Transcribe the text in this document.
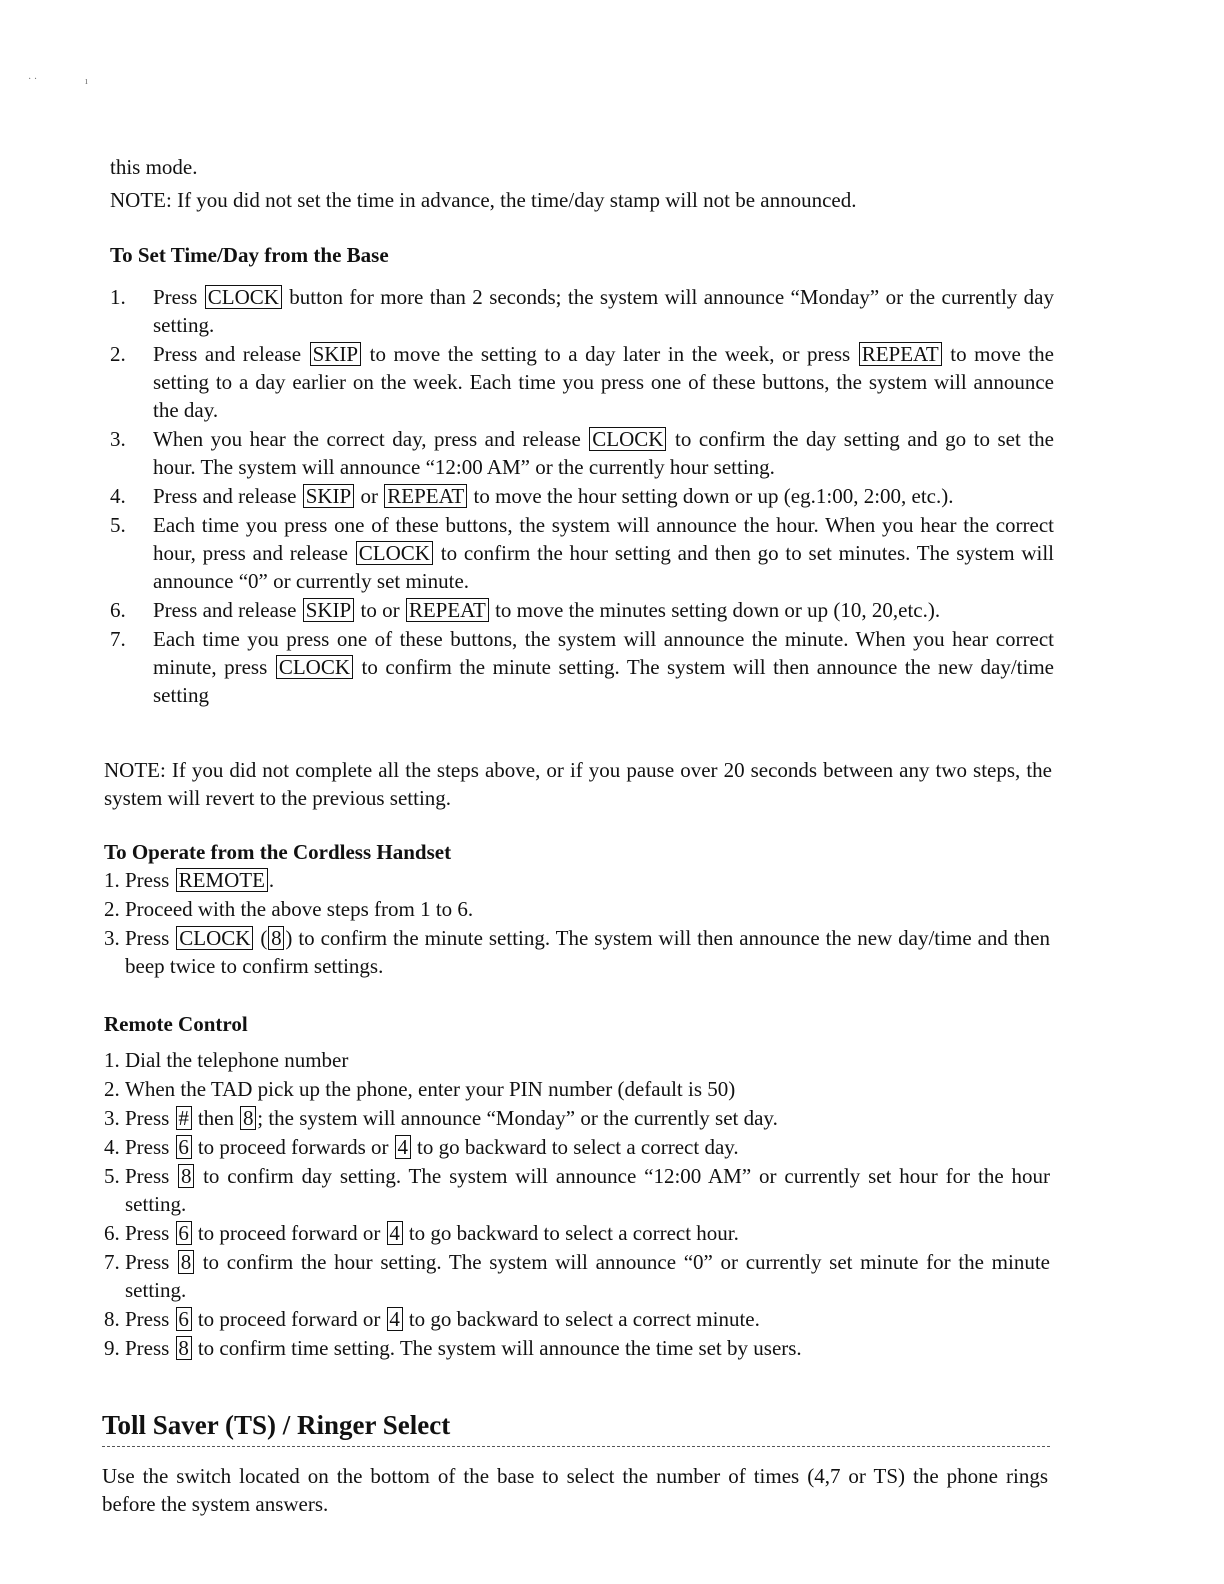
· ·	ı
this mode.
NOTE: If you did not set the time in advance, the time/day stamp will not be announced.
To Set Time/Day from the Base
1. Press CLOCK button for more than 2 seconds; the system will announce “Monday” or the currently day setting.
2. Press and release SKIP to move the setting to a day later in the week, or press REPEAT to move the setting to a day earlier on the week. Each time you press one of these buttons, the system will announce the day.
3. When you hear the correct day, press and release CLOCK to confirm the day setting and go to set the hour. The system will announce “12:00 AM” or the currently hour setting.
4. Press and release SKIP or REPEAT to move the hour setting down or up (eg.1:00, 2:00, etc.).
5. Each time you press one of these buttons, the system will announce the hour. When you hear the correct hour, press and release CLOCK to confirm the hour setting and then go to set minutes. The system will announce “0” or currently set minute.
6. Press and release SKIP to or REPEAT to move the minutes setting down or up (10, 20,etc.).
7. Each time you press one of these buttons, the system will announce the minute. When you hear correct minute, press CLOCK to confirm the minute setting. The system will then announce the new day/time setting
NOTE: If you did not complete all the steps above, or if you pause over 20 seconds between any two steps, the system will revert to the previous setting.
To Operate from the Cordless Handset
1. Press REMOTE .
2. Proceed with the above steps from 1 to 6.
3. Press CLOCK ( 8 ) to confirm the minute setting. The system will then announce the new day/time and then beep twice to confirm settings.
Remote Control
1. Dial the telephone number
2. When the TAD pick up the phone, enter your PIN number (default is 50)
3. Press # then 8 ; the system will announce “Monday” or the currently set day.
4. Press 6 to proceed forwards or 4 to go backward to select a correct day.
5. Press 8 to confirm day setting. The system will announce “12:00 AM” or currently set hour for the hour setting.
6. Press 6 to proceed forward or 4 to go backward to select a correct hour.
7. Press 8 to confirm the hour setting. The system will announce “0” or currently set minute for the minute setting.
8. Press 6 to proceed forward or 4 to go backward to select a correct minute.
9. Press 8 to confirm time setting. The system will announce the time set by users.
Toll Saver (TS) / Ringer Select
Use the switch located on the bottom of the base to select the number of times (4,7 or TS) the phone rings before the system answers.
